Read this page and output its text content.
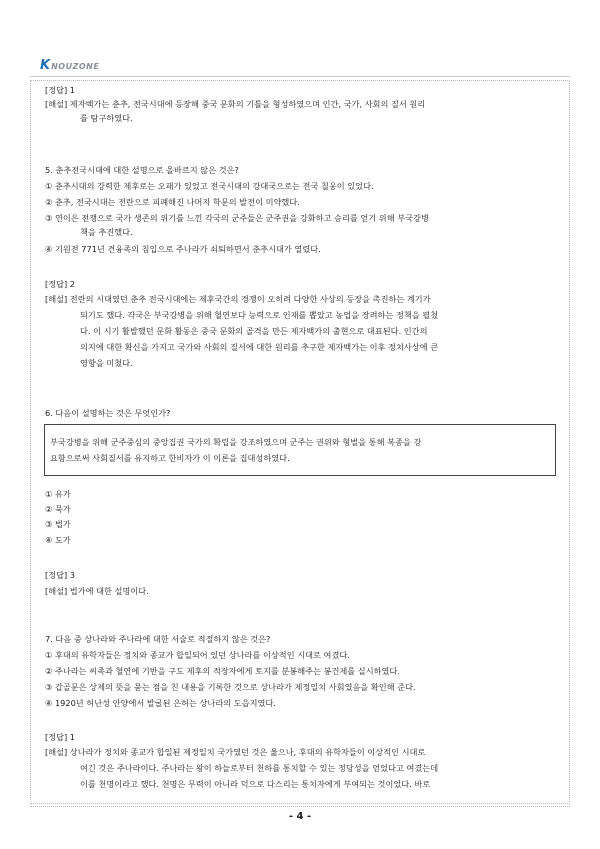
K NOUZONE
[정답] 1
[해설] 제자백가는 춘추, 전국시대에 등장해 중국 문화의 기틀을 형성하였으며 인간, 국가, 사회의 질서 원리
를 탐구하였다.
5. 춘추전국시대에 대한 설명으로 올바르지 않은 것은?
① 춘추시대의 강력한 제후로는 오패가 있었고 전국시대의 강대국으로는 전국 칠웅이 있었다.
② 춘추, 전국시대는 전란으로 피폐해진 나머지 학문의 발전이 미약했다.
③ 연이은 전쟁으로 국가 생존의 위기를 느낀 각국의 군주들은 군주권을 강화하고 승리를 얻기 위해 부국강병
책을 추진했다.
④ 기원전 771년 견융족의 침입으로 주나라가 쇠퇴하면서 춘추시대가 열렸다.
[정답] 2
[해설] 전란의 시대였던 춘추 전국시대에는 제후국간의 경쟁이 오히려 다양한 사상의 등장을 촉진하는 계기가
되기도 했다. 각국은 부국강병을 위해 혈연보다 능력으로 인재를 뽑았고 농업을 장려하는 정책을 펼쳤
다. 이 시기 활발했던 문화 활동은 중국 문화의 골격을 만든 제자백가의 출현으로 대표된다. 인간의
의지에 대한 확신을 가지고 국가와 사회의 질서에 대한 원리를 추구한 제자백가는 이후 정치사상에 큰
영향을 미쳤다.
6. 다음이 설명하는 것은 무엇인가?
부국강병을 위해 군주중심의 중앙집권 국가의 확립을 강조하였으며 군주는 권위와 형벌을 통해 복종을 강
요함으로써 사회질서를 유지하고 한비자가 이 이론을 집대성하였다.
① 유가
② 묵가
③ 법가
④ 도가
[정답] 3
[해설] 법가에 대한 설명이다.
7. 다음 중 상나라와 주나라에 대한 서술로 적절하지 않은 것은?
① 후대의 유학자들은 정치와 종교가 합일되어 있던 상나라를 이상적인 시대로 여겼다.
② 주나라는 씨족과 혈연에 기반을 구도 제후의 적장자에게 토지를 분봉해주는 봉건제를 실시하였다.
③ 갑골문은 상제의 뜻을 묻는 점을 친 내용을 기록한 것으로 상나라가 제정일치 사회였음을 확인해 준다.
④ 1920년 허난성 안양에서 발굴된 은허는 상나라의 도읍지였다.
[정답] 1
[해설] 상나라가 정치와 종교가 합일된 제정일치 국가였던 것은 옳으나, 후대의 유학자들이 이상적인 시대로
여긴 것은 주나라이다. 주나라는 왕이 하늘로부터 천하를 통치할 수 있는 정당성을 얻었다고 여겼는데
이를 천명이라고 했다. 천명은 무력이 아니라 덕으로 다스리는 통치자에게 부여되는 것이었다. 바로
- 4 -
